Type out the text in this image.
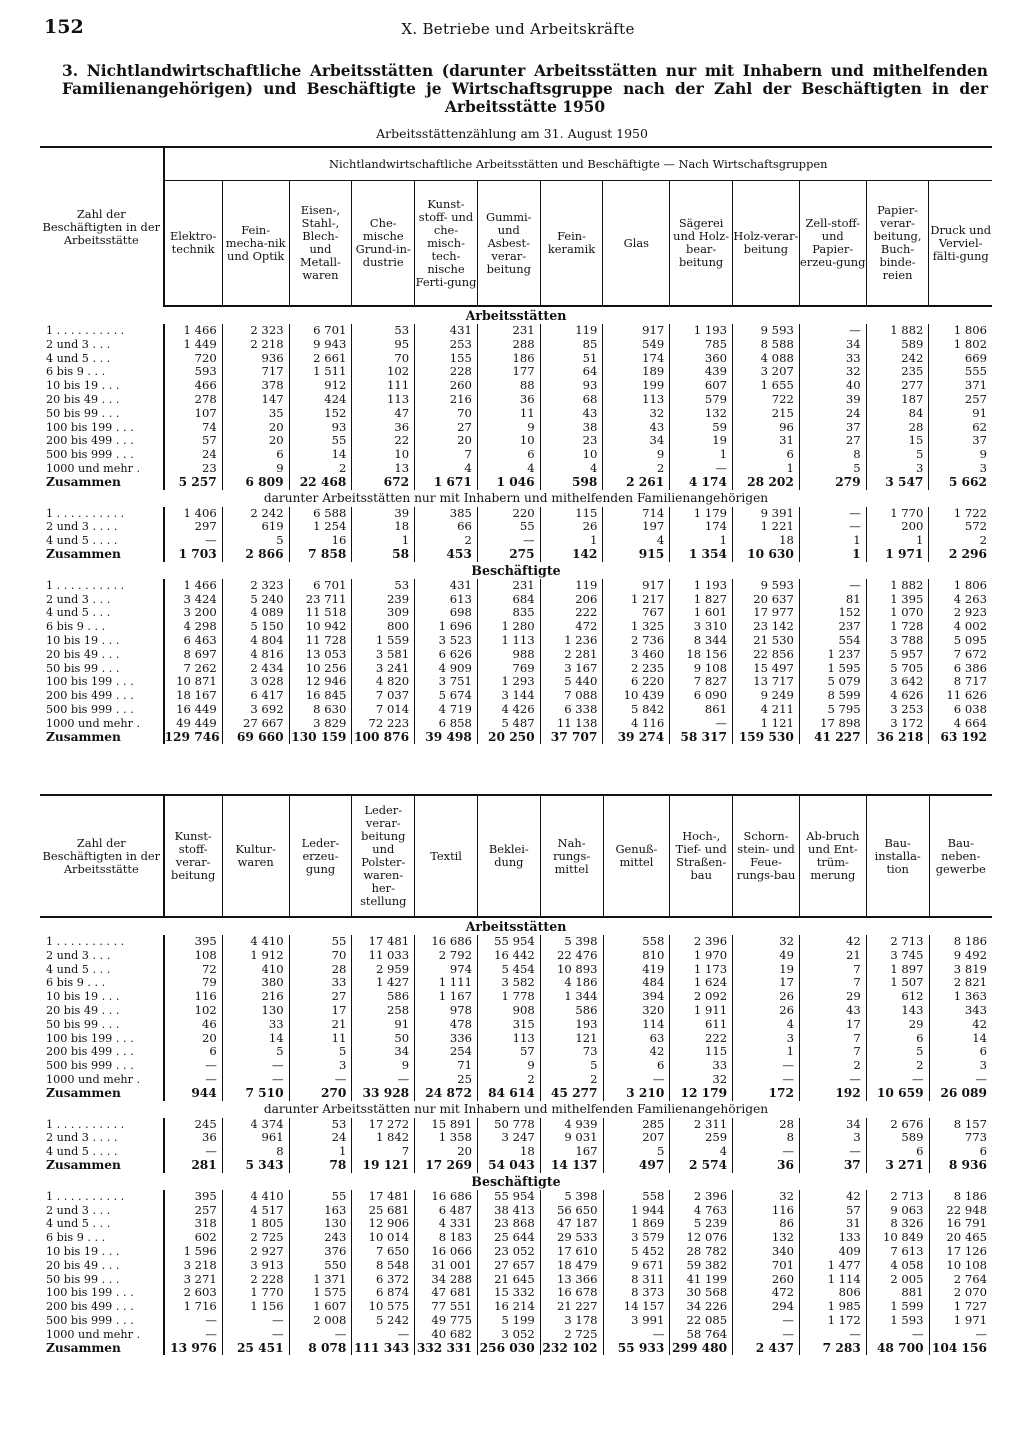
152	X. Betriebe und Arbeitskräfte
3. Nichtlandwirtschaftliche Arbeitsstätten (darunter Arbeitsstätten nur mit Inhabern und mithelfenden Familienangehörigen) und Beschäftigte je Wirtschaftsgruppe nach der Zahl der Beschäftigten in der Arbeitsstätte 1950
Arbeitsstättenzählung am 31. August 1950
Zahl der Beschäftigten in der Arbeitsstätte	Nichtlandwirtschaftliche Arbeitsstätten und Beschäftigte — Nach Wirtschaftsgruppen												
	Elektro-technik	Fein-mecha-nik und Optik	Eisen-, Stahl-, Blech- und Metall-waren	Che-mische Grund-in-dustrie	Kunst-stoff- und che-misch-tech-nische Ferti-gung	Gummi- und Asbest-verar-beitung	Fein-keramik	Glas	Sägerei und Holz-bear-beitung	Holz-verar-beitung	Zell-stoff- und Papier-erzeu-gung	Papier-verar-beitung, Buch-binde-reien	Druck und Verviel-fälti-gung
Arbeitsstätten													
1 . . . . . . . . . .	1 466	2 323	6 701	53	431	231	119	917	1 193	9 593	—	1 882	1 806
2 und 3 . . .	1 449	2 218	9 943	95	253	288	85	549	785	8 588	34	589	1 802
4 und 5 . . .	720	936	2 661	70	155	186	51	174	360	4 088	33	242	669
6 bis 9 . . .	593	717	1 511	102	228	177	64	189	439	3 207	32	235	555
10 bis 19 . . .	466	378	912	111	260	88	93	199	607	1 655	40	277	371
20 bis 49 . . .	278	147	424	113	216	36	68	113	579	722	39	187	257
50 bis 99 . . .	107	35	152	47	70	11	43	32	132	215	24	84	91
100 bis 199 . . .	74	20	93	36	27	9	38	43	59	96	37	28	62
200 bis 499 . . .	57	20	55	22	20	10	23	34	19	31	27	15	37
500 bis 999 . . .	24	6	14	10	7	6	10	9	1	6	8	5	9
1000 und mehr .	23	9	2	13	4	4	4	2	—	1	5	3	3
Zusammen	5 257	6 809	22 468	672	1 671	1 046	598	2 261	4 174	28 202	279	3 547	5 662
darunter Arbeitsstätten nur mit Inhabern und mithelfenden Familienangehörigen													
1 . . . . . . . . . .	1 406	2 242	6 588	39	385	220	115	714	1 179	9 391	—	1 770	1 722
2 und 3 . . . .	297	619	1 254	18	66	55	26	197	174	1 221	—	200	572
4 und 5 . . . .	—	5	16	1	2	—	1	4	1	18	1	1	2
Zusammen	1 703	2 866	7 858	58	453	275	142	915	1 354	10 630	1	1 971	2 296
Beschäftigte													
1 . . . . . . . . . .	1 466	2 323	6 701	53	431	231	119	917	1 193	9 593	—	1 882	1 806
2 und 3 . . .	3 424	5 240	23 711	239	613	684	206	1 217	1 827	20 637	81	1 395	4 263
4 und 5 . . .	3 200	4 089	11 518	309	698	835	222	767	1 601	17 977	152	1 070	2 923
6 bis 9 . . .	4 298	5 150	10 942	800	1 696	1 280	472	1 325	3 310	23 142	237	1 728	4 002
10 bis 19 . . .	6 463	4 804	11 728	1 559	3 523	1 113	1 236	2 736	8 344	21 530	554	3 788	5 095
20 bis 49 . . .	8 697	4 816	13 053	3 581	6 626	988	2 281	3 460	18 156	22 856	1 237	5 957	7 672
50 bis 99 . . .	7 262	2 434	10 256	3 241	4 909	769	3 167	2 235	9 108	15 497	1 595	5 705	6 386
100 bis 199 . . .	10 871	3 028	12 946	4 820	3 751	1 293	5 440	6 220	7 827	13 717	5 079	3 642	8 717
200 bis 499 . . .	18 167	6 417	16 845	7 037	5 674	3 144	7 088	10 439	6 090	9 249	8 599	4 626	11 626
500 bis 999 . . .	16 449	3 692	8 630	7 014	4 719	4 426	6 338	5 842	861	4 211	5 795	3 253	6 038
1000 und mehr .	49 449	27 667	3 829	72 223	6 858	5 487	11 138	4 116	—	1 121	17 898	3 172	4 664
Zusammen	129 746	69 660	130 159	100 876	39 498	20 250	37 707	39 274	58 317	159 530	41 227	36 218	63 192
Zahl der Beschäftigten in der Arbeitsstätte	Kunst-stoff-verar-beitung	Kultur-waren	Leder-erzeu-gung	Leder-verar-beitung und Polster-waren-her-stellung	Textil	Beklei-dung	Nah-rungs-mittel	Genuß-mittel	Hoch-, Tief- und Straßen-bau	Schorn-stein- und Feue-rungs-bau	Ab-bruch und Ent-trüm-merung	Bau-installa-tion	Bau-neben-gewerbe
Arbeitsstätten													
1 . . . . . . . . . .	395	4 410	55	17 481	16 686	55 954	5 398	558	2 396	32	42	2 713	8 186
2 und 3 . . .	108	1 912	70	11 033	2 792	16 442	22 476	810	1 970	49	21	3 745	9 492
4 und 5 . . .	72	410	28	2 959	974	5 454	10 893	419	1 173	19	7	1 897	3 819
6 bis 9 . . .	79	380	33	1 427	1 111	3 582	4 186	484	1 624	17	7	1 507	2 821
10 bis 19 . . .	116	216	27	586	1 167	1 778	1 344	394	2 092	26	29	612	1 363
20 bis 49 . . .	102	130	17	258	978	908	586	320	1 911	26	43	143	343
50 bis 99 . . .	46	33	21	91	478	315	193	114	611	4	17	29	42
100 bis 199 . . .	20	14	11	50	336	113	121	63	222	3	7	6	14
200 bis 499 . . .	6	5	5	34	254	57	73	42	115	1	7	5	6
500 bis 999 . . .	—	—	3	9	71	9	5	6	33	—	2	2	3
1000 und mehr .	—	—	—	—	25	2	2	—	32	—	—	—	—
Zusammen	944	7 510	270	33 928	24 872	84 614	45 277	3 210	12 179	172	192	10 659	26 089
darunter Arbeitsstätten nur mit Inhabern und mithelfenden Familienangehörigen													
1 . . . . . . . . . .	245	4 374	53	17 272	15 891	50 778	4 939	285	2 311	28	34	2 676	8 157
2 und 3 . . . .	36	961	24	1 842	1 358	3 247	9 031	207	259	8	3	589	773
4 und 5 . . . .	—	8	1	7	20	18	167	5	4	—	—	6	6
Zusammen	281	5 343	78	19 121	17 269	54 043	14 137	497	2 574	36	37	3 271	8 936
Beschäftigte													
1 . . . . . . . . . .	395	4 410	55	17 481	16 686	55 954	5 398	558	2 396	32	42	2 713	8 186
2 und 3 . . .	257	4 517	163	25 681	6 487	38 413	56 650	1 944	4 763	116	57	9 063	22 948
4 und 5 . . .	318	1 805	130	12 906	4 331	23 868	47 187	1 869	5 239	86	31	8 326	16 791
6 bis 9 . . .	602	2 725	243	10 014	8 183	25 644	29 533	3 579	12 076	132	133	10 849	20 465
10 bis 19 . . .	1 596	2 927	376	7 650	16 066	23 052	17 610	5 452	28 782	340	409	7 613	17 126
20 bis 49 . . .	3 218	3 913	550	8 548	31 001	27 657	18 479	9 671	59 382	701	1 477	4 058	10 108
50 bis 99 . . .	3 271	2 228	1 371	6 372	34 288	21 645	13 366	8 311	41 199	260	1 114	2 005	2 764
100 bis 199 . . .	2 603	1 770	1 575	6 874	47 681	15 332	16 678	8 373	30 568	472	806	881	2 070
200 bis 499 . . .	1 716	1 156	1 607	10 575	77 551	16 214	21 227	14 157	34 226	294	1 985	1 599	1 727
500 bis 999 . . .	—	—	2 008	5 242	49 775	5 199	3 178	3 991	22 085	—	1 172	1 593	1 971
1000 und mehr .	—	—	—	—	40 682	3 052	2 725	—	58 764	—	—	—	—
Zusammen	13 976	25 451	8 078	111 343	332 331	256 030	232 102	55 933	299 480	2 437	7 283	48 700	104 156
